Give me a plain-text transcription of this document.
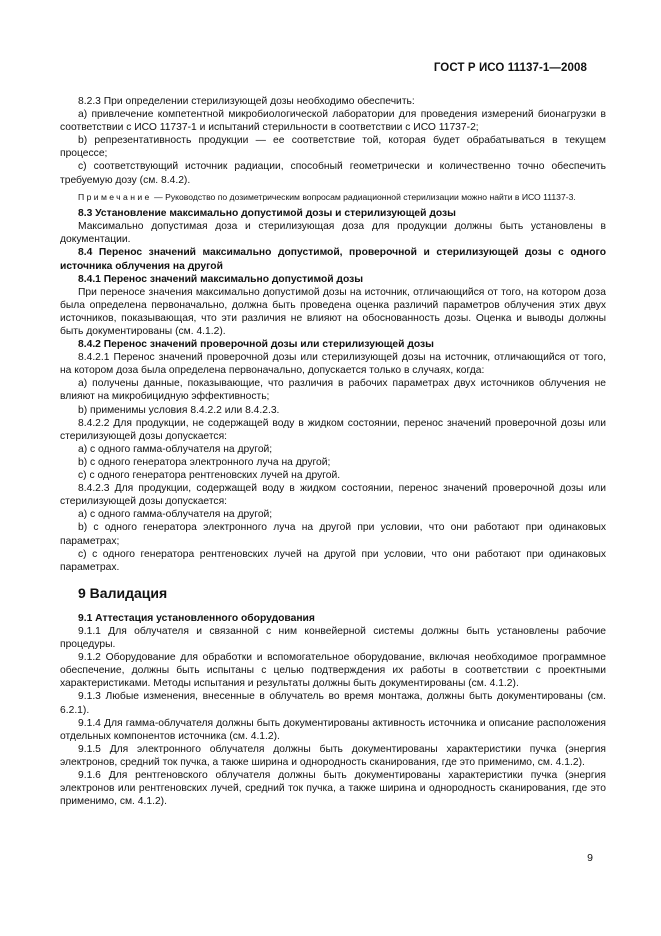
ГОСТ Р ИСО 11137-1—2008

8.2.3 При определении стерилизующей дозы необходимо обеспечить:

a) привлечение компетентной микробиологической лаборатории для проведения измерений бионагрузки в соответствии с ИСО 11737-1 и испытаний стерильности в соответствии с ИСО 11737-2;

b) репрезентативность продукции — ее соответствие той, которая будет обрабатываться в текущем процессе;

c) соответствующий источник радиации, способный геометрически и количественно точно обеспечить требуемую дозу (см. 8.4.2).

Примечание — Руководство по дозиметрическим вопросам радиационной стерилизации можно найти в ИСО 11137-3.

8.3 Установление максимально допустимой дозы и стерилизующей дозы

Максимально допустимая доза и стерилизующая доза для продукции должны быть установлены в документации.

8.4 Перенос значений максимально допустимой, проверочной и стерилизующей дозы с одного источника облучения на другой

8.4.1 Перенос значений максимально допустимой дозы

При переносе значения максимально допустимой дозы на источник, отличающийся от того, на котором доза была определена первоначально, должна быть проведена оценка различий параметров облучения этих двух источников, показывающая, что эти различия не влияют на обоснованность дозы. Оценка и выводы должны быть документированы (см. 4.1.2).

8.4.2 Перенос значений проверочной дозы или стерилизующей дозы

8.4.2.1 Перенос значений проверочной дозы или стерилизующей дозы на источник, отличающийся от того, на котором доза была определена первоначально, допускается только в случаях, когда:

a) получены данные, показывающие, что различия в рабочих параметрах двух источников облучения не влияют на микробицидную эффективность;

b) применимы условия 8.4.2.2 или 8.4.2.3.

8.4.2.2 Для продукции, не содержащей воду в жидком состоянии, перенос значений проверочной дозы или стерилизующей дозы допускается:

a) с одного гамма-облучателя на другой;

b) с одного генератора электронного луча на другой;

c) с одного генератора рентгеновских лучей на другой.

8.4.2.3 Для продукции, содержащей воду в жидком состоянии, перенос значений проверочной дозы или стерилизующей дозы допускается:

a) с одного гамма-облучателя на другой;

b) с одного генератора электронного луча на другой при условии, что они работают при одинаковых параметрах;

c) с одного генератора рентгеновских лучей на другой при условии, что они работают при одинаковых параметрах.

9 Валидация

9.1 Аттестация установленного оборудования

9.1.1 Для облучателя и связанной с ним конвейерной системы должны быть установлены рабочие процедуры.

9.1.2 Оборудование для обработки и вспомогательное оборудование, включая необходимое программное обеспечение, должны быть испытаны с целью подтверждения их работы в соответствии с проектными характеристиками. Методы испытания и результаты должны быть документированы (см. 4.1.2).

9.1.3 Любые изменения, внесенные в облучатель во время монтажа, должны быть документированы (см. 6.2.1).

9.1.4 Для гамма-облучателя должны быть документированы активность источника и описание расположения отдельных компонентов источника (см. 4.1.2).

9.1.5 Для электронного облучателя должны быть документированы характеристики пучка (энергия электронов, средний ток пучка, а также ширина и однородность сканирования, где это применимо, см. 4.1.2).

9.1.6 Для рентгеновского облучателя должны быть документированы характеристики пучка (энергия электронов или рентгеновских лучей, средний ток пучка, а также ширина и однородность сканирования, где это применимо, см. 4.1.2).

9
